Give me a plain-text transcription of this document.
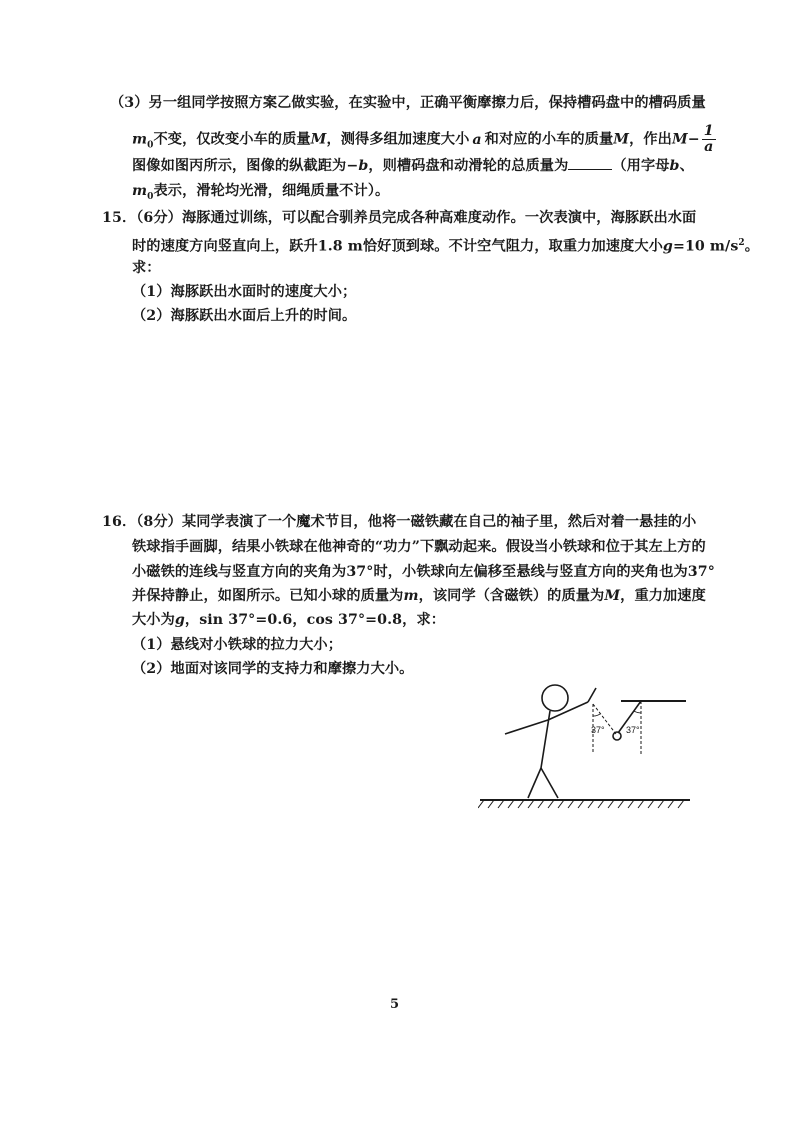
（3）另一组同学按照方案乙做实验，在实验中，正确平衡摩擦力后，保持槽码盘中的槽码质量
$m_0$不变，仅改变小车的质量M，测得多组加速度大小 a 和对应的小车的质量M，作出$M- \frac{1}{a}$
图像如图丙所示，图像的纵截距为−b，则槽码盘和动滑轮的总质量为	（用字母b、
$m_0$表示，滑轮均光滑，细绳质量不计）。
15．（6分）海豚通过训练，可以配合驯养员完成各种高难度动作。一次表演中，海豚跃出水面
时的速度方向竖直向上，跃升1.8 m恰好顶到球。不计空气阻力，取重力加速度大小g=10 $m/s^2$。
求：
（1）海豚跃出水面时的速度大小；
（2）海豚跃出水面后上升的时间。
16．（8分）某同学表演了一个魔术节目，他将一磁铁藏在自己的袖子里，然后对着一悬挂的小
铁球指手画脚，结果小铁球在他神奇的“功力”下飘动起来。假设当小铁球和位于其左上方的
小磁铁的连线与竖直方向的夹角为37°时，小铁球向左偏移至悬线与竖直方向的夹角也为37°
并保持静止，如图所示。已知小球的质量为m，该同学（含磁铁）的质量为M，重力加速度
大小为g，sin 37°=0.6，cos 37°=0.8，求：
（1）悬线对小铁球的拉力大小；
（2）地面对该同学的支持力和摩擦力大小。
37° 37°
5
